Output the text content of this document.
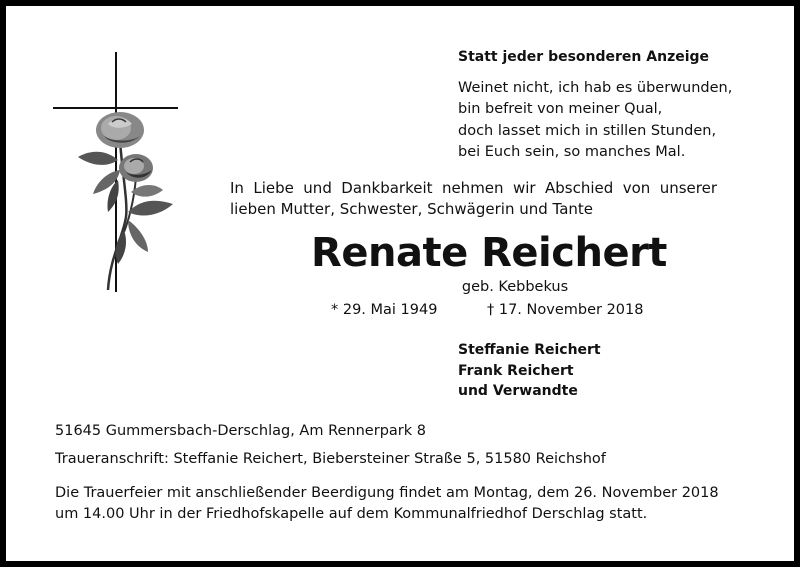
Statt jeder besonderen Anzeige
Weinet nicht, ich hab es überwunden,
bin befreit von meiner Qual,
doch lasset mich in stillen Stunden,
bei Euch sein, so manches Mal.
In Liebe und Dankbarkeit nehmen wir Abschied von unserer lieben Mutter, Schwester, Schwägerin und Tante
Renate Reichert
geb. Kebbekus
* 29. Mai 1949	† 17. November 2018
Steffanie Reichert
Frank Reichert
und Verwandte
51645 Gummersbach-Derschlag, Am Rennerpark 8
Traueranschrift: Steffanie Reichert, Biebersteiner Straße 5, 51580 Reichshof
Die Trauerfeier mit anschließender Beerdigung findet am Montag, dem 26. November 2018
um 14.00 Uhr in der Friedhofskapelle auf dem Kommunalfriedhof Derschlag statt.
